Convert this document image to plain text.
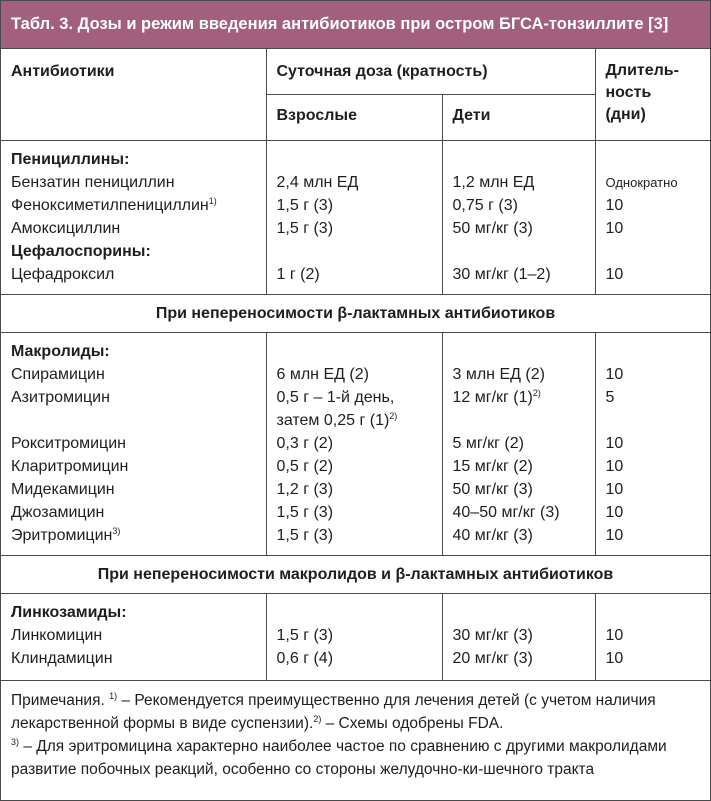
Табл. 3. Дозы и режим введения антибиотиков при остром БГСА-тонзиллите [3]
Антибиотики	Суточная доза (кратность)		Длитель-
ность
(дни)

	Взрослые	Дети	
Пенициллины:			
Бензатин пенициллин	2,4 млн ЕД	1,2 млн ЕД	Однократно
Феноксиметилпенициллин$^{1)}$	1,5 г (3)	0,75 г (3)	10
Амоксициллин	1,5 г (3)	50 мг/кг (3)	10
Цефалоспорины:			
Цефадроксил	1 г (2)	30 мг/кг (1–2)	10
При непереносимости β-лактамных антибиотиков			
Макролиды:			
Спирамицин	6 млн ЕД (2)	3 млн ЕД (2)	10
Азитромицин	0,5 г – 1-й день,
затем 0,25 г $(1)^{2)}$	12 мг/кг $(1)^{2)}$	5
Рокситромицин	0,3 г (2)	5 мг/кг (2)	10
Кларитромицин	0,5 г (2)	15 мг/кг (2)	10
Мидекамицин	1,2 г (3)	50 мг/кг (3)	10
Джозамицин	1,5 г (3)	40–50 мг/кг (3)	10
Эритромицин$^{3)}$	1,5 г (3)	40 мг/кг (3)	10
При непереносимости макролидов и β-лактамных антибиотиков			
Линкозамиды:			
Линкомицин	1,5 г (3)	30 мг/кг (3)	10
Клиндамицин	0,6 г (4)	20 мг/кг (3)	10

Примечания. $^{1)}$ – Рекомендуется преимущественно для лечения детей (с учетом наличия лекарственной формы в виде суспензии).$^{2)}$ – Схемы одобрены FDA.

$^{3)}$ – Для эритромицина характерно наиболее частое по сравнению с другими макролидами развитие побочных реакций, особенно со стороны желудочно-ки-шечного тракта
